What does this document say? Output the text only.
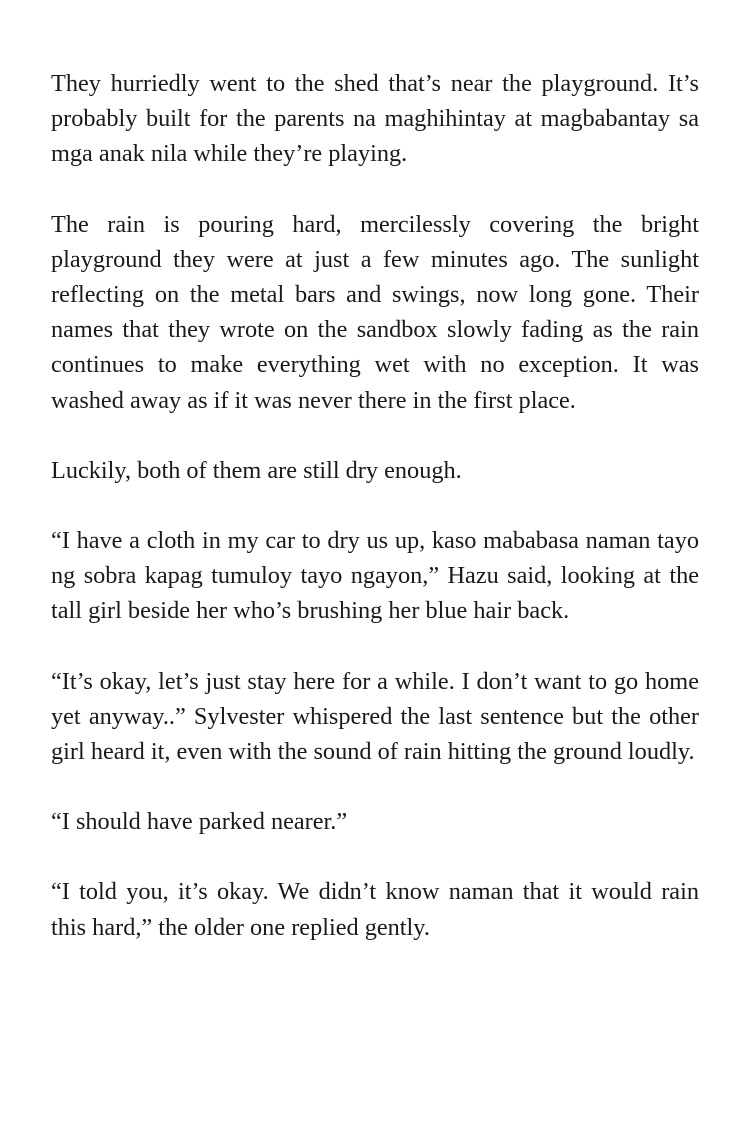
They hurriedly went to the shed that’s near the playground. It’s probably built for the parents na maghihintay at magbabantay sa mga anak nila while they’re playing.

The rain is pouring hard, mercilessly covering the bright playground they were at just a few minutes ago. The sunlight reflecting on the metal bars and swings, now long gone. Their names that they wrote on the sandbox slowly fading as the rain continues to make everything wet with no exception. It was washed away as if it was never there in the first place.

Luckily, both of them are still dry enough.

“I have a cloth in my car to dry us up, kaso mababasa naman tayo ng sobra kapag tumuloy tayo ngayon,” Hazu said, looking at the tall girl beside her who’s brushing her blue hair back.

“It’s okay, let’s just stay here for a while. I don’t want to go home yet anyway..” Sylvester whispered the last sentence but the other girl heard it, even with the sound of rain hitting the ground loudly.

“I should have parked nearer.”

“I told you, it’s okay. We didn’t know naman that it would rain this hard,” the older one replied gently.
